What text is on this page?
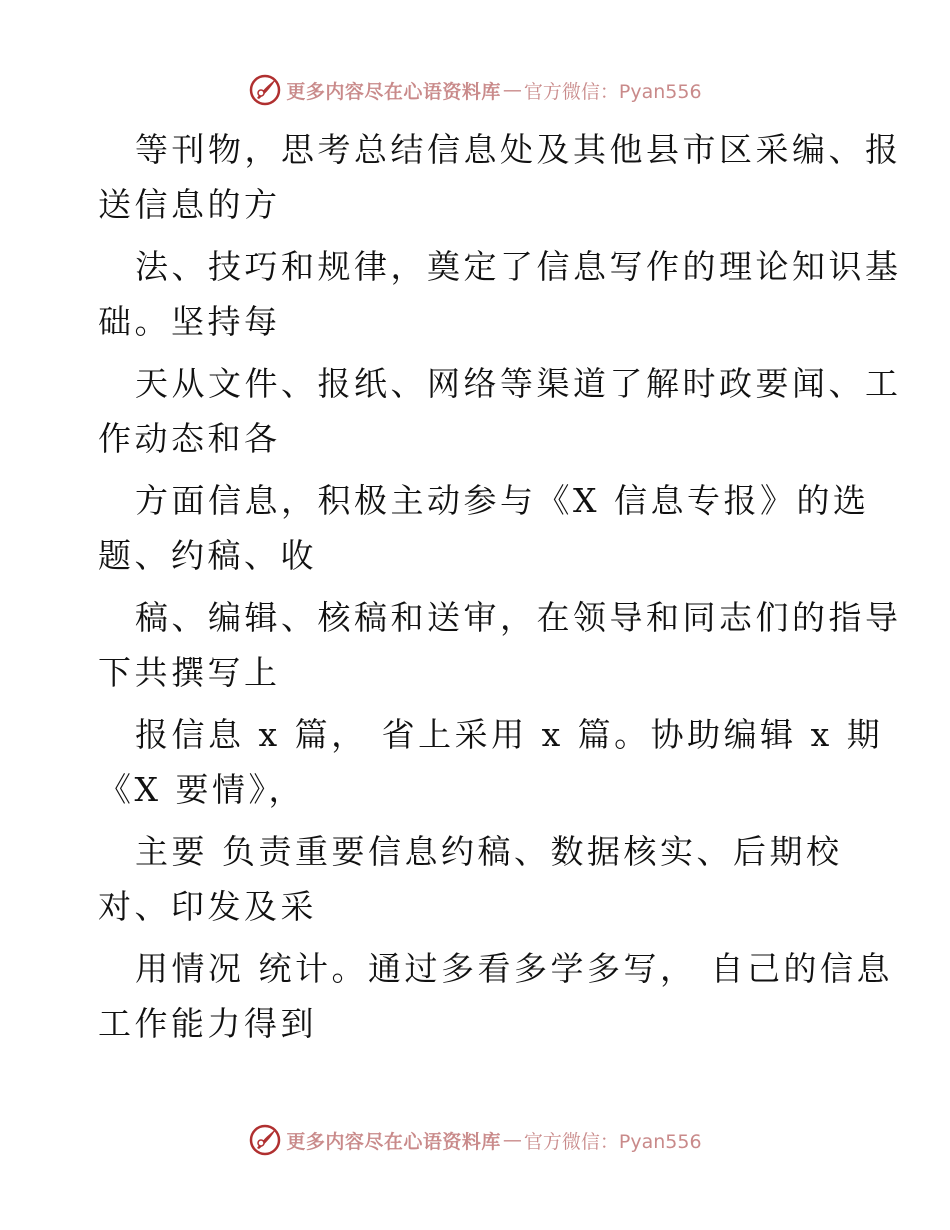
更多内容尽在心语资料库 — 官方微信：Pyan556
等刊物，思考总结信息处及其他县市区采编、报
送信息的方
法、技巧和规律，奠定了信息写作的理论知识基
础。坚持每
天从文件、报纸、网络等渠道了解时政要闻、工
作动态和各
方面信息，积极主动参与《X 信息专报》的选
题、约稿、收
稿、编辑、核稿和送审，在领导和同志们的指导
下共撰写上
报信息 x 篇， 省上采用 x 篇。协助编辑 x 期
《X 要情》，
主要 负责重要信息约稿、数据核实、后期校
对、印发及采
用情况 统计。通过多看多学多写， 自己的信息
工作能力得到
更多内容尽在心语资料库 — 官方微信：Pyan556
